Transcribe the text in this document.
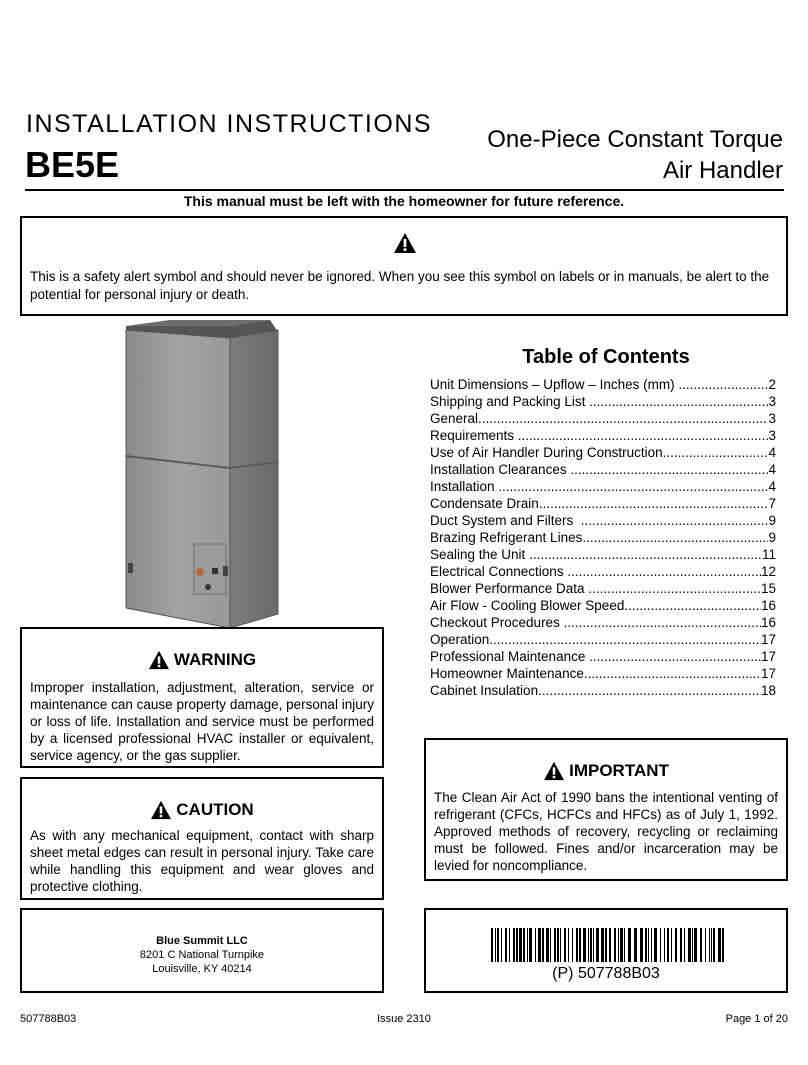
INSTALLATION INSTRUCTIONS
BE5E
One-Piece Constant Torque
Air Handler
This manual must be left with the homeowner for future reference.
This is a safety alert symbol and should never be ignored. When you see this symbol on labels or in manuals, be alert to the potential for personal injury or death.
Table of Contents
Unit Dimensions – Upflow – Inches (mm) .....	2
Shipping and Packing List .....	3
General .....	3
Requirements .....	3
Use of Air Handler During Construction .....	4
Installation Clearances .....	4
Installation .....	4
Condensate Drain .....	7
Duct System and Filters .....	9
Brazing Refrigerant Lines .....	9
Sealing the Unit .....	11
Electrical Connections .....	12
Blower Performance Data .....	15
Air Flow - Cooling Blower Speed .....	16
Checkout Procedures .....	16
Operation .....	17
Professional Maintenance .....	17
Homeowner Maintenance .....	17
Cabinet Insulation .....	18
WARNING
Improper installation, adjustment, alteration, service or maintenance can cause property damage, personal injury or loss of life. Installation and service must be performed by a licensed professional HVAC installer or equivalent, service agency, or the gas supplier.
CAUTION
As with any mechanical equipment, contact with sharp sheet metal edges can result in personal injury. Take care while handling this equipment and wear gloves and protective clothing.
IMPORTANT
The Clean Air Act of 1990 bans the intentional venting of refrigerant (CFCs, HCFCs and HFCs) as of July 1, 1992. Approved methods of recovery, recycling or reclaiming must be followed. Fines and/or incarceration may be levied for noncompliance.
Blue Summit LLC
8201 C National Turnpike
Louisville, KY 40214	(P) 507788B03
507788B03	Issue 2310	Page 1 of 20
